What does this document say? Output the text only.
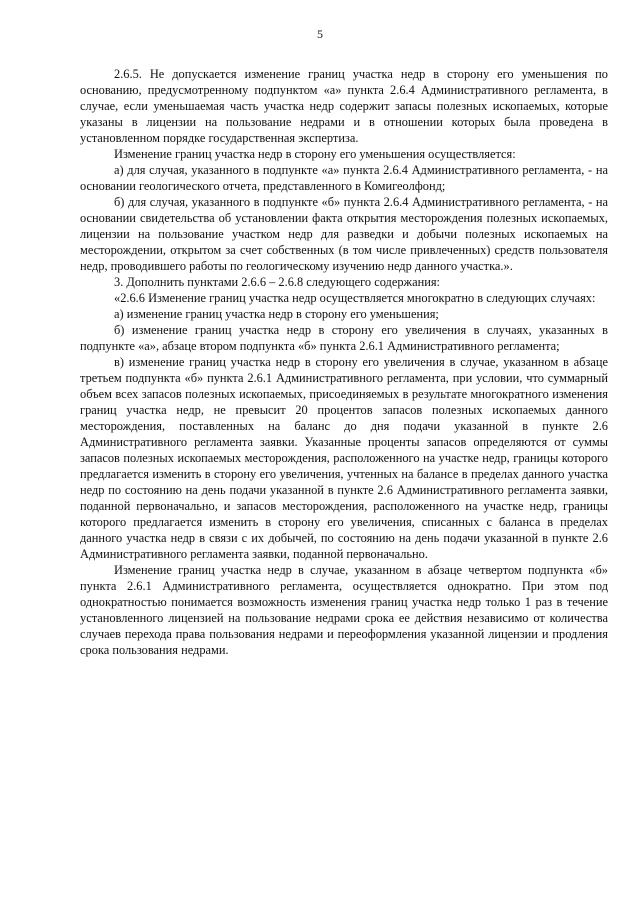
5

2.6.5. Не допускается изменение границ участка недр в сторону его уменьшения по основанию, предусмотренному подпунктом «а» пункта 2.6.4 Административного регламента, в случае, если уменьшаемая часть участка недр содержит запасы полезных ископаемых, которые указаны в лицензии на пользование недрами и в отношении которых была проведена в установленном порядке государственная экспертиза.

Изменение границ участка недр в сторону его уменьшения осуществляется:

а) для случая, указанного в подпункте «а» пункта 2.6.4 Административного регламента, - на основании геологического отчета, представленного в Комигеолфонд;

б) для случая, указанного в подпункте «б» пункта 2.6.4 Административного регламента, - на основании свидетельства об установлении факта открытия месторождения полезных ископаемых, лицензии на пользование участком недр для разведки и добычи полезных ископаемых на месторождении, открытом за счет собственных (в том числе привлеченных) средств пользователя недр, проводившего работы по геологическому изучению недр данного участка.».

3. Дополнить пунктами 2.6.6 – 2.6.8 следующего содержания:

«2.6.6 Изменение границ участка недр осуществляется многократно в следующих случаях:

а) изменение границ участка недр в сторону его уменьшения;

б) изменение границ участка недр в сторону его увеличения в случаях, указанных в подпункте «а», абзаце втором подпункта «б» пункта 2.6.1 Административного регламента;

в) изменение границ участка недр в сторону его увеличения в случае, указанном в абзаце третьем подпункта «б» пункта 2.6.1 Административного регламента, при условии, что суммарный объем всех запасов полезных ископаемых, присоединяемых в результате многократного изменения границ участка недр, не превысит 20 процентов запасов полезных ископаемых данного месторождения, поставленных на баланс до дня подачи указанной в пункте 2.6 Административного регламента заявки. Указанные проценты запасов определяются от суммы запасов полезных ископаемых месторождения, расположенного на участке недр, границы которого предлагается изменить в сторону его увеличения, учтенных на балансе в пределах данного участка недр по состоянию на день подачи указанной в пункте 2.6 Административного регламента заявки, поданной первоначально, и запасов месторождения, расположенного на участке недр, границы которого предлагается изменить в сторону его увеличения, списанных с баланса в пределах данного участка недр в связи с их добычей, по состоянию на день подачи указанной в пункте 2.6 Административного регламента заявки, поданной первоначально.

Изменение границ участка недр в случае, указанном в абзаце четвертом подпункта «б» пункта 2.6.1 Административного регламента, осуществляется однократно. При этом под однократностью понимается возможность изменения границ участка недр только 1 раз в течение установленного лицензией на пользование недрами срока ее действия независимо от количества случаев перехода права пользования недрами и переоформления указанной лицензии и продления срока пользования недрами.
